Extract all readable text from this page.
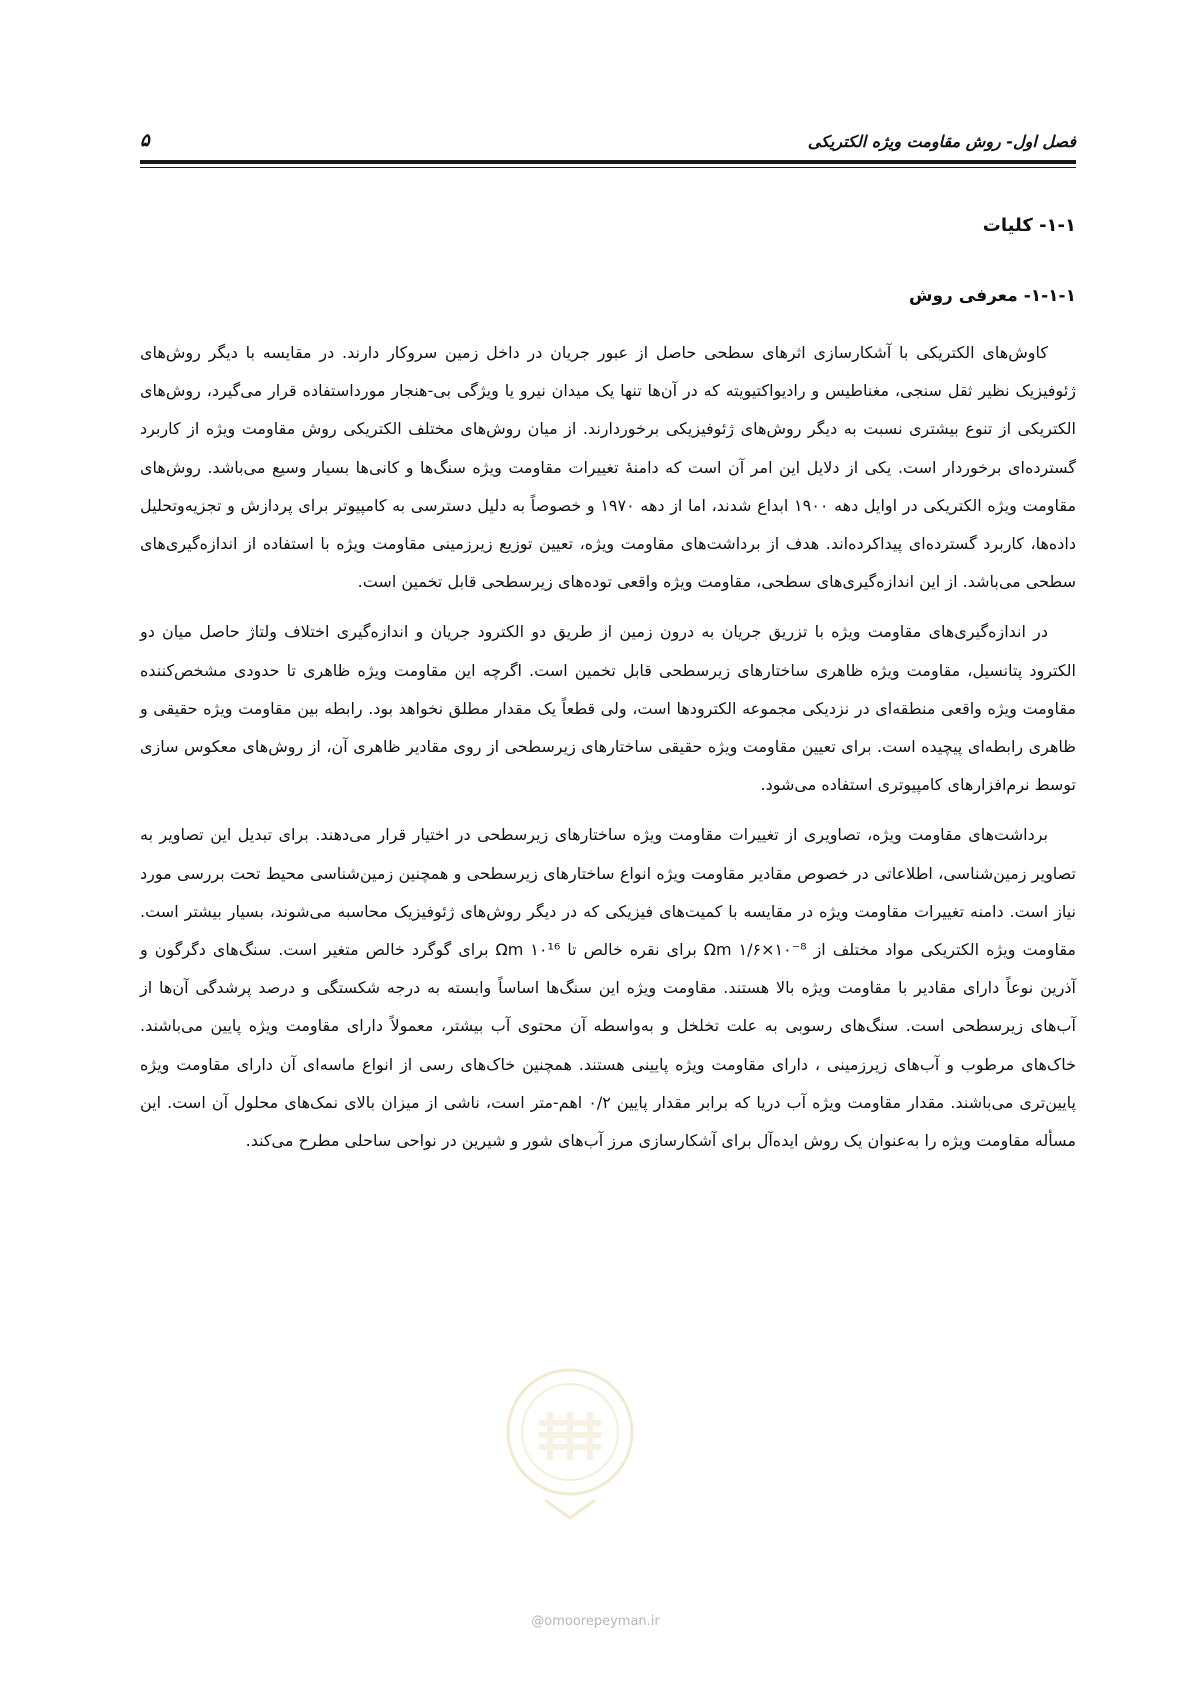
فصل اول- روش مقاومت ویژه الکتریکی
۵
۱-۱- کلیات
۱-۱-۱- معرفی روش

کاوش‌های الکتریکی با آشکارسازی اثرهای سطحی حاصل از عبور جریان در داخل زمین سروکار دارند. در مقایسه با دیگر روش‌های ژئوفیزیک نظیر ثقل سنجی، مغناطیس و رادیواکتیویته که در آن‌ها تنها یک میدان نیرو یا ویژگی بی-هنجار مورداستفاده قرار می‌گیرد، روش‌های الکتریکی از تنوع بیشتری نسبت به دیگر روش‌های ژئوفیزیکی برخوردارند. از میان روش‌های مختلف الکتریکی روش مقاومت ویژه از کاربرد گسترده‌ای برخوردار است. یکی از دلایل این امر آن است که دامنهٔ تغییرات مقاومت ویژه سنگ‌ها و کانی‌ها بسیار وسیع می‌باشد. روش‌های مقاومت ویژه الکتریکی در اوایل دهه ۱۹۰۰ ابداع شدند، اما از دهه ۱۹۷۰ و خصوصاً به دلیل دسترسی به کامپیوتر برای پردازش و تجزیه‌وتحلیل داده‌ها، کاربرد گسترده‌ای پیداکرده‌اند. هدف از برداشت‌های مقاومت ویژه، تعیین توزیع زیرزمینی مقاومت ویژه با استفاده از اندازه‌گیری‌های سطحی می‌باشد. از این اندازه‌گیری‌های سطحی، مقاومت ویژه واقعی توده‌های زیرسطحی قابل تخمین است.

در اندازه‌گیری‌های مقاومت ویژه با تزریق جریان به درون زمین از طریق دو الکترود جریان و اندازه‌گیری اختلاف ولتاژ حاصل میان دو الکترود پتانسیل، مقاومت ویژه ظاهری ساختارهای زیرسطحی قابل تخمین است. اگرچه این مقاومت ویژه ظاهری تا حدودی مشخص‌کننده مقاومت ویژه واقعی منطقه‌ای در نزدیکی مجموعه الکترودها است، ولی قطعاً یک مقدار مطلق نخواهد بود. رابطه بین مقاومت ویژه حقیقی و ظاهری رابطه‌ای پیچیده است. برای تعیین مقاومت ویژه حقیقی ساختارهای زیرسطحی از روی مقادیر ظاهری آن، از روش‌های معکوس سازی توسط نرم‌افزارهای کامپیوتری استفاده می‌شود.

برداشت‌های مقاومت ویژه، تصاویری از تغییرات مقاومت ویژه ساختارهای زیرسطحی در اختیار قرار می‌دهند. برای تبدیل این تصاویر به تصاویر زمین‌شناسی، اطلاعاتی در خصوص مقادیر مقاومت ویژه انواع ساختارهای زیرسطحی و همچنین زمین‌شناسی محیط تحت بررسی مورد نیاز است. دامنه تغییرات مقاومت ویژه در مقایسه با کمیت‌های فیزیکی که در دیگر روش‌های ژئوفیزیک محاسبه می‌شوند، بسیار بیشتر است. مقاومت ویژه الکتریکی مواد مختلف از Ωm ۱/۶×۱۰⁻⁸ برای نقره خالص تا Ωm ۱۰¹⁶ برای گوگرد خالص متغیر است. سنگ‌های دگرگون و آذرین نوعاً دارای مقادیر با مقاومت ویژه بالا هستند. مقاومت ویژه این سنگ‌ها اساساً وابسته به درجه شکستگی و درصد پرشدگی آن‌ها از آب‌های زیرسطحی است. سنگ‌های رسوبی به علت تخلخل و به‌واسطه آن محتوی آب بیشتر، معمولاً دارای مقاومت ویژه پایین می‌باشند. خاک‌های مرطوب و آب‌های زیرزمینی ، دارای مقاومت ویژه پایینی هستند. همچنین خاک‌های رسی از انواع ماسه‌ای آن دارای مقاومت ویژه پایین‌تری می‌باشند. مقدار مقاومت ویژه آب دریا که برابر مقدار پایین ۰/۲ اهم-متر است، ناشی از میزان بالای نمک‌های محلول آن است. این مسأله مقاومت ویژه را به‌عنوان یک روش ایده‌آل برای آشکارسازی مرز آب‌های شور و شیرین در نواحی ساحلی مطرح می‌کند.

@omoorepeyman.ir
